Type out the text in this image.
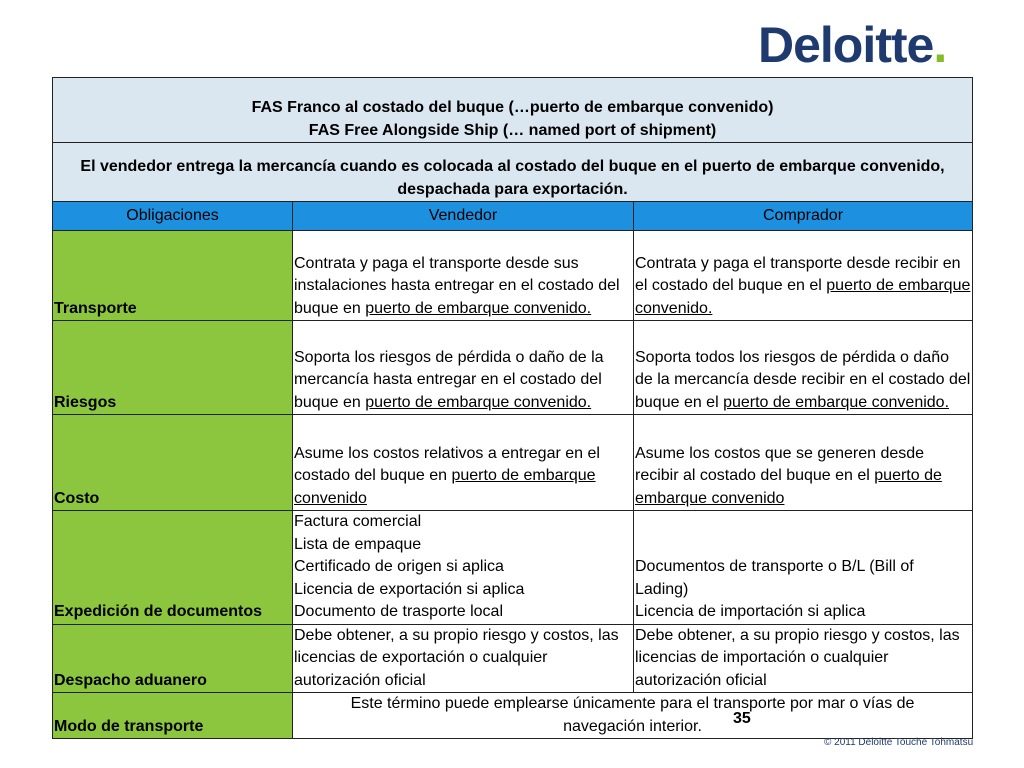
Deloitte.
FAS Franco al costado del buque (…puerto de embarque convenido)
FAS Free Alongside Ship (… named port of shipment)		

El vendedor entrega la mercancía cuando es colocada al costado del buque en el puerto de embarque convenido,
despachada para exportación.		

Obligaciones	Vendedor	Comprador
Transporte	Contrata y paga el transporte desde sus instalaciones hasta entregar en el costado del buque en puerto de embarque convenido.	Contrata y paga el transporte desde recibir en el costado del buque en el puerto de embarque convenido.
Riesgos	Soporta los riesgos de pérdida o daño de la mercancía hasta entregar en el costado del buque en puerto de embarque convenido.	Soporta todos los riesgos de pérdida o daño de la mercancía desde recibir en el costado del buque en el puerto de embarque convenido.
Costo	Asume los costos relativos a entregar en el costado del buque en puerto de embarque convenido	Asume los costos que se generen desde recibir al costado del buque en el puerto de embarque convenido
Expedición de documentos	Factura comercial
Lista de empaque
Certificado de origen si aplica
Licencia de exportación si aplica
Documento de trasporte local	Documentos de transporte o B/L (Bill of Lading)
Licencia de importación si aplica

Despacho aduanero	Debe obtener, a su propio riesgo y costos, las licencias de exportación o cualquier autorización oficial	Debe obtener, a su propio riesgo y costos, las licencias de importación o cualquier autorización oficial
Modo de transporte	Este término puede emplearse únicamente para el transporte por mar o vías de navegación interior.	35
© 2011 Deloitte Touche Tohmatsu
